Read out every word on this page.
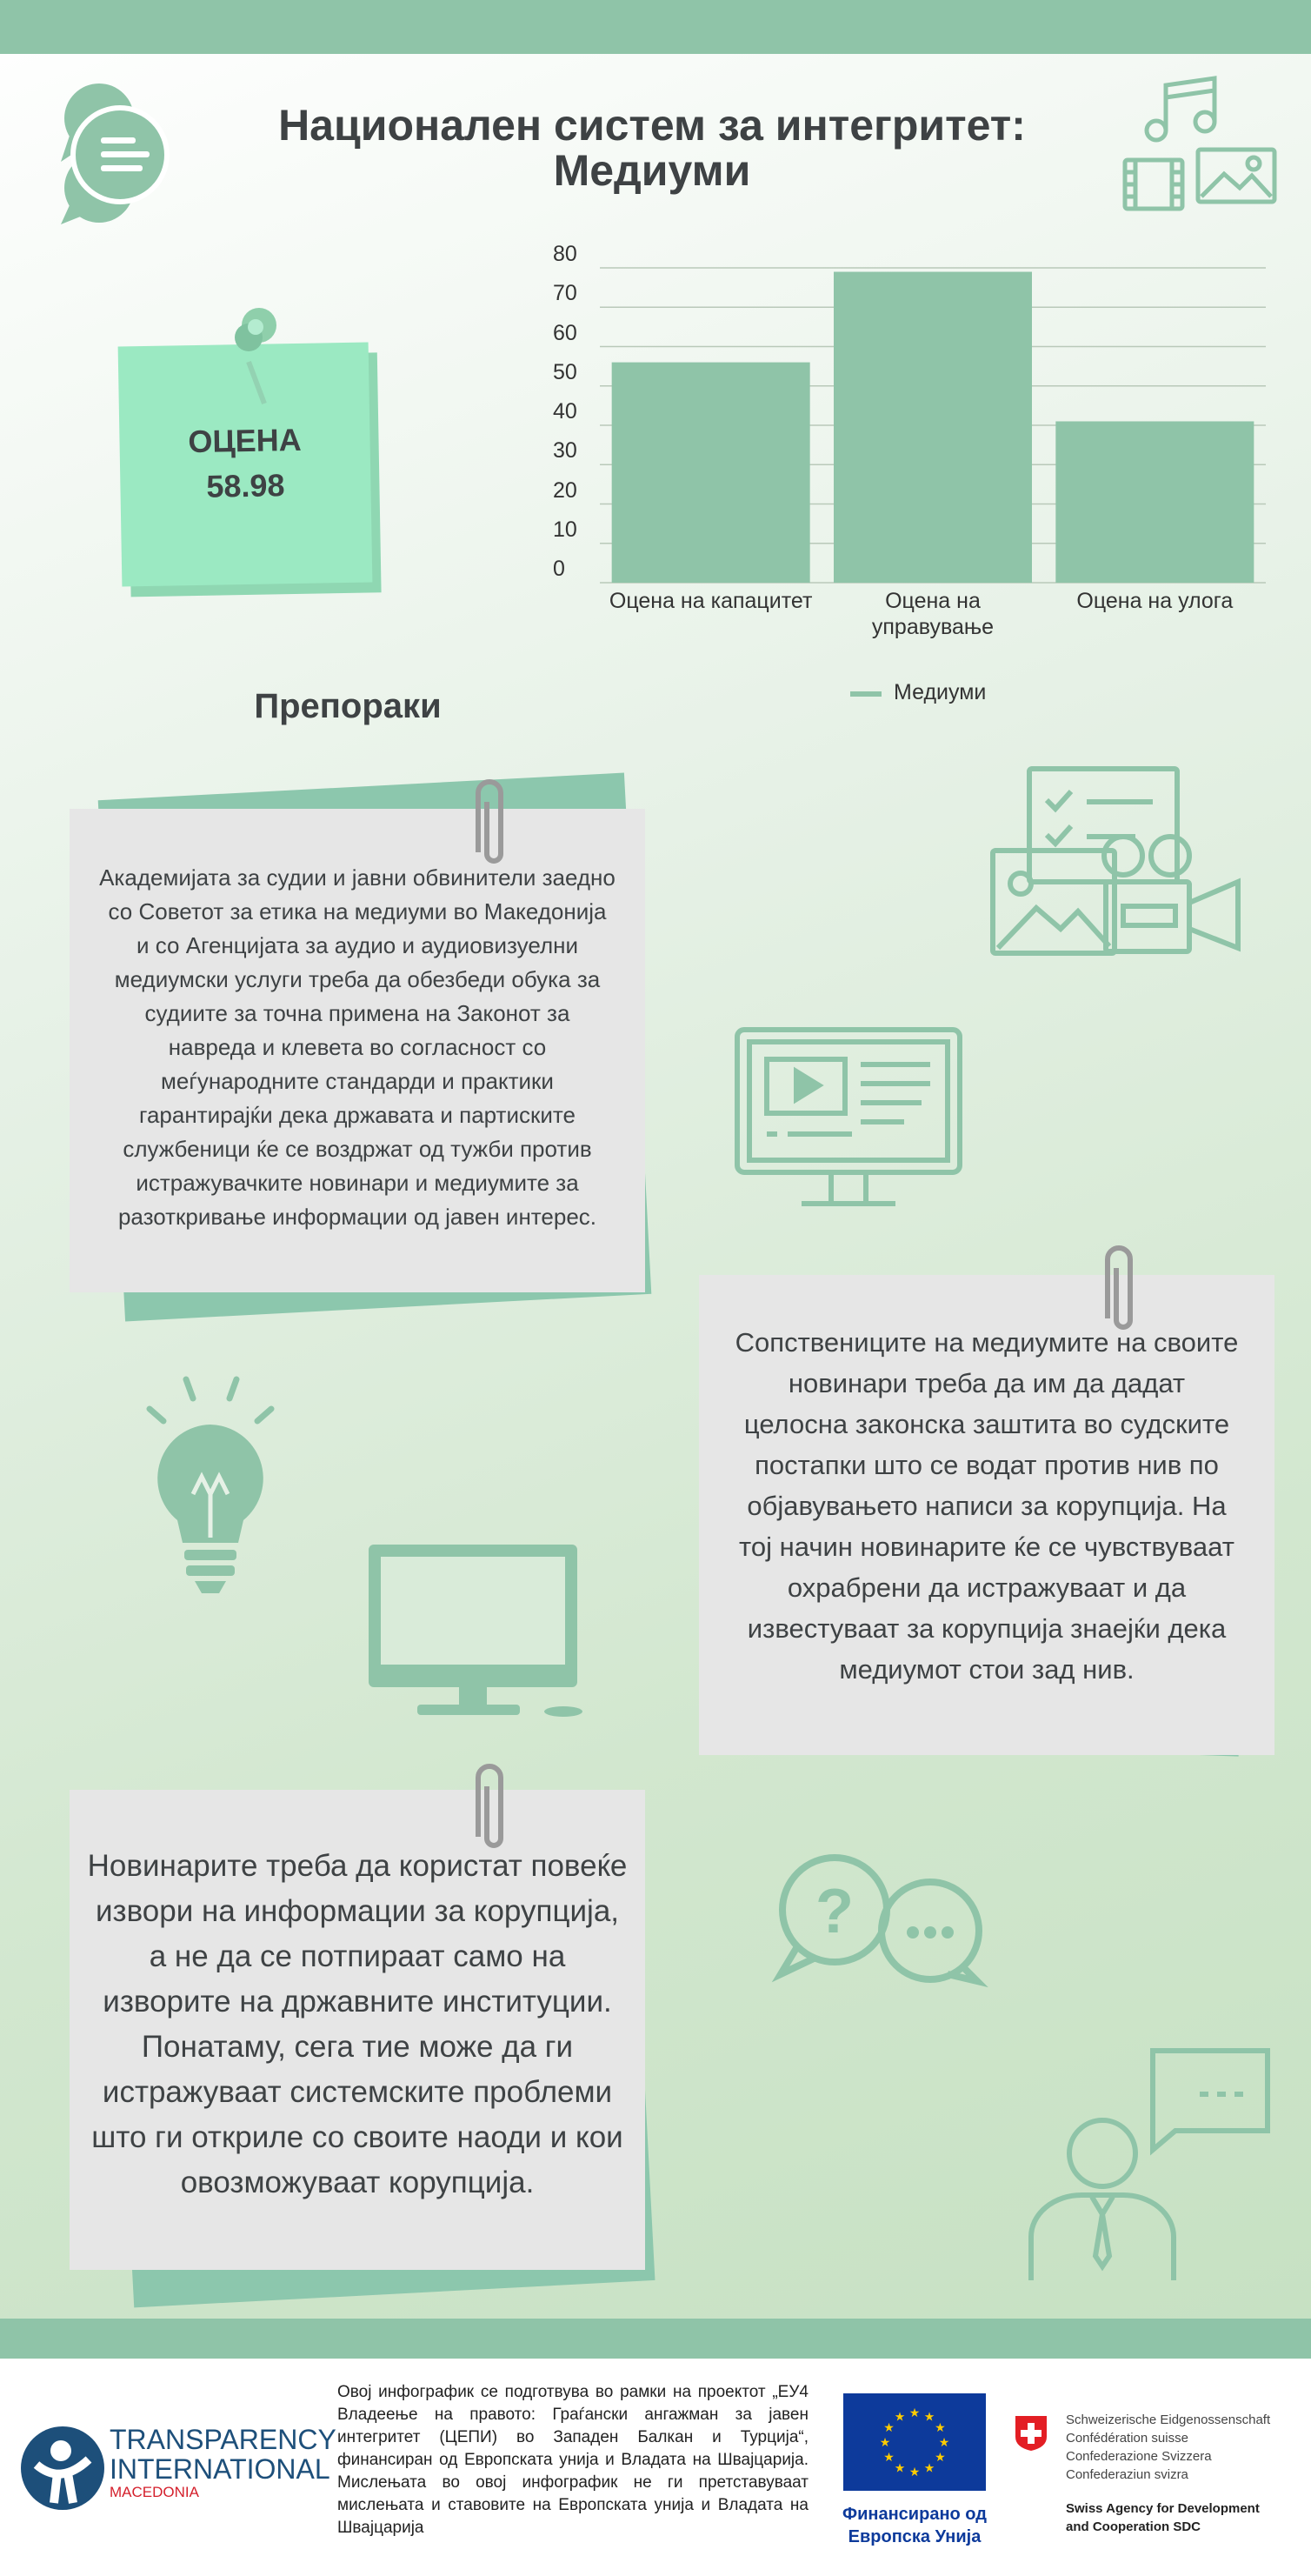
Национален систем за интегритет:
Медиуми
ОЦЕНА
58.98
0
10
20
30
40
50
60
70
80
Оцена на капацитет	Оцена на
управување
Оцена на улога
Медиуми
Препораки
Академијата за судии и јавни обвинители заедно со Советот за етика на медиуми во Македонија и со Агенцијата за аудио и аудиовизуелни медиумски услуги треба да обезбеди обука за судиите за точна примена на Законот за навреда и клевета во согласност со меѓународните стандарди и практики гарантирајќи дека државата и партиските службеници ќе се воздржат од тужби против истражувачките новинари и медиумите за разоткривање информации од јавен интерес.
Сопствениците на медиумите на своите новинари треба да им да дадат целосна законска заштита во судските постапки што се водат против нив по објавувањето написи за корупција. На тој начин новинарите ќе се чувствуваат охрабрени да истражуваат и да известуваат за корупција знаејќи дека медиумот стои зад нив.
Новинарите треба да користат повеќе извори на информации за корупција, а не да се потпираат само на изворите на државните институции. Понатаму, сега тие може да ги истражуваат системските проблеми што ги открилe со своите наоди и кои овозможуваат корупција.
?
TRANSPARENCY
INTERNATIONAL
MACEDONIA
Овој инфографик се подготвува во рамки на проектот „ЕУ4 Владеење на правото: Граѓански ангажман за јавен интегритет (ЦЕПИ) во Западен Балкан и Турција“, финансиран од Европската унија и Владата на Швајцарија. Мислењата во овој инфографик не ги претставуваат мислењата и ставовите на Европската унија и Владата на Швајцарија
★ ★
★
★
★
★
★
★
★
★
★
★
Финансирано од
Европска Унија
Schweizerische Eidgenossenschaft
Confédération suisse
Confederazione Svizzera
Confederaziun svizra
Swiss Agency for Development
and Cooperation SDC
